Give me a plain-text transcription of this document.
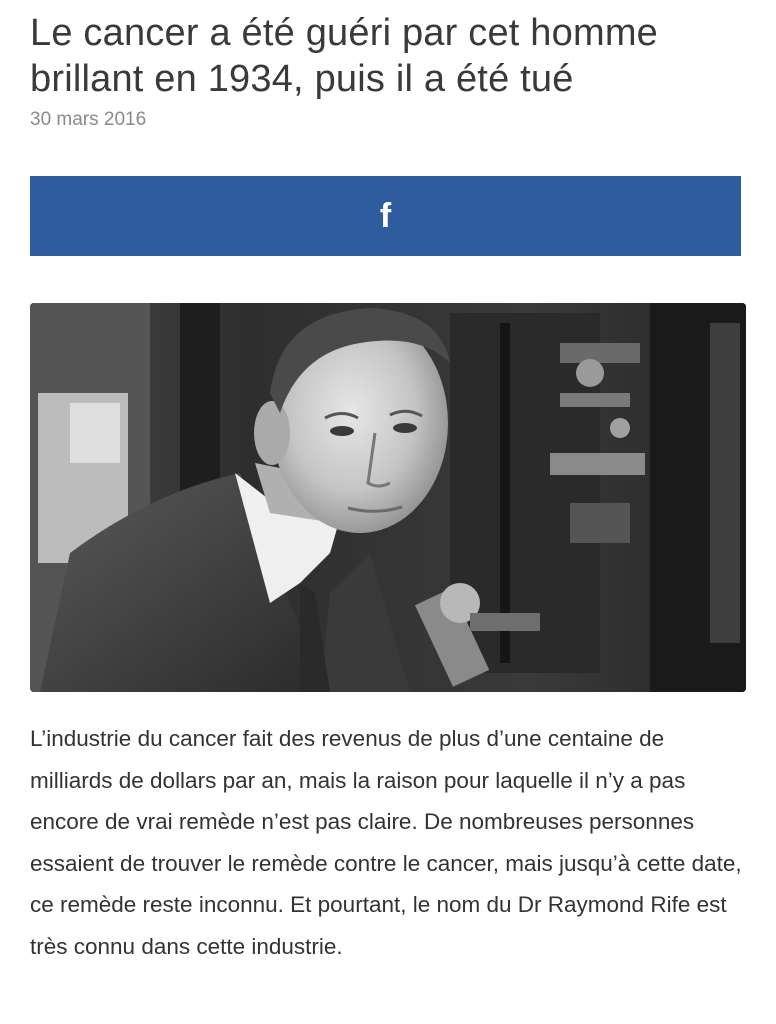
Le cancer a été guéri par cet homme brillant en 1934, puis il a été tué
30 mars 2016
f

L’industrie du cancer fait des revenus de plus d’une centaine de milliards de dollars par an, mais la raison pour laquelle il n’y a pas encore de vrai remède n’est pas claire. De nombreuses personnes essaient de trouver le remède contre le cancer, mais jusqu’à cette date, ce remède reste inconnu. Et pourtant, le nom du Dr Raymond Rife est très connu dans cette industrie.
